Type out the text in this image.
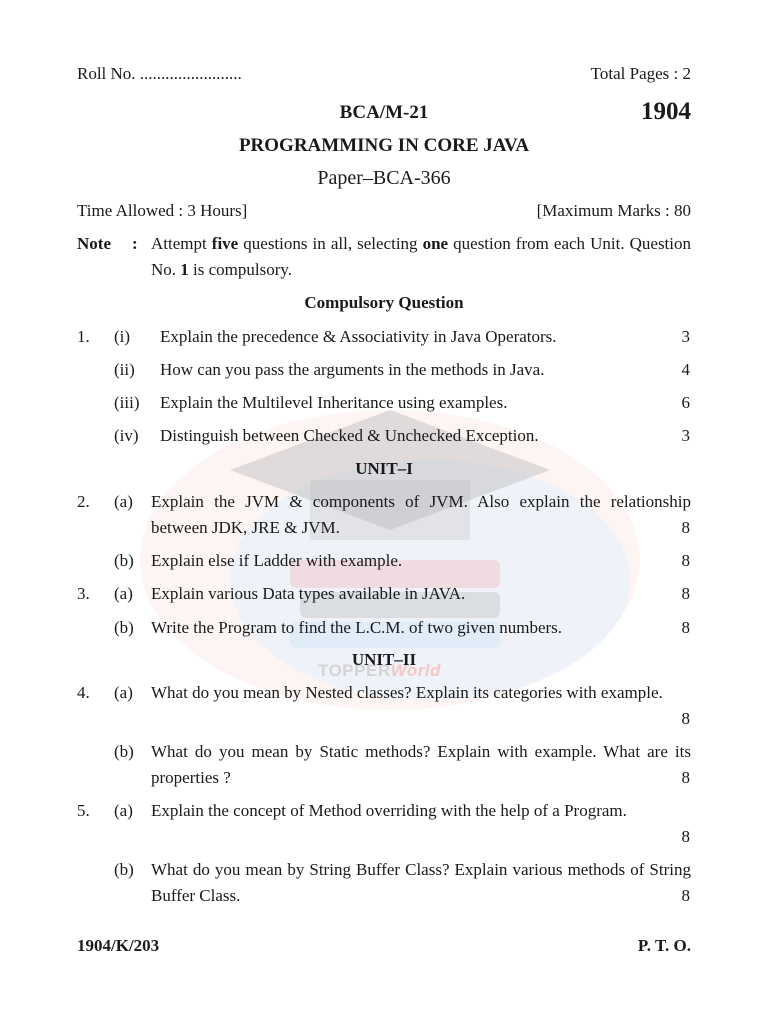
TOPPERWorld
Roll No. ........................	Total Pages : 2
BCA/M-21	1904
PROGRAMMING IN CORE JAVA
Paper–BCA-366
Time Allowed : 3 Hours]	[Maximum Marks : 80
Note : Attempt five questions in all, selecting one question from each Unit. Question No. 1 is compulsory.
Compulsory Question
1. (i) Explain the precedence & Associativity in Java Operators.	3
(ii) How can you pass the arguments in the methods in Java.	4
(iii) Explain the Multilevel Inheritance using examples.	6
(iv) Distinguish between Checked & Unchecked Exception.	3
UNIT–I
2. (a) Explain the JVM & components of JVM. Also explain the relationship between JDK, JRE & JVM.	8
(b) Explain else if Ladder with example.	8
3. (a) Explain various Data types available in JAVA.	8
(b) Write the Program to find the L.C.M. of two given numbers.	8
UNIT–II
4. (a) What do you mean by Nested classes? Explain its categories with example.
8
(b) What do you mean by Static methods? Explain with example. What are its properties ?	8
5. (a) Explain the concept of Method overriding with the help of a Program.
8
(b) What do you mean by String Buffer Class? Explain various methods of String Buffer Class.	8
1904/K/203	P. T. O.
